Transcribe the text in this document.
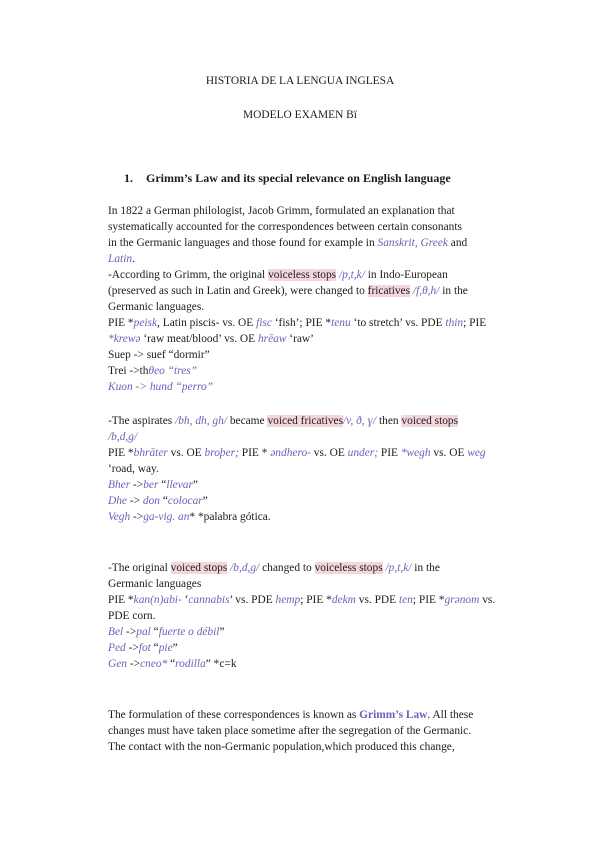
HISTORIA DE LA LENGUA INGLESA
MODELO EXAMEN Bï
1. Grimm’s Law and its special relevance on English language
In 1822 a German philologist, Jacob Grimm, formulated an explanation that
systematically accounted for the correspondences between certain consonants
in the Germanic languages and those found for example in Sanskrit, Greek and
Latin.
-According to Grimm, the original voiceless stops /p,t,k/ in Indo-European
(preserved as such in Latin and Greek), were changed to fricatives /f,θ,h/ in the
Germanic languages.
PIE *peisk, Latin piscis- vs. OE fisc ‘fish’; PIE *tenu ‘to stretch’ vs. PDE thin; PIE
*krewə ‘raw meat/blood’ vs. OE hrēaw ‘raw’
Suep -> suef “dormir”
Trei ->thθeo “tres”
Kuon -> hund “perro”
-The aspirates /bh, dh, gh/ became voiced fricatives/v, ð, ɣ/ then voiced stops
/b,d,g/
PIE *bhrāter vs. OE broþer; PIE * əndhero- vs. OE under; PIE *wegh vs. OE weg
‘road, way.
Bher ->ber “llevar”
Dhe -> don “colocar”
Vegh ->ga-vig. an* *palabra gótica.
-The original voiced stops /b,d,g/ changed to voiceless stops /p,t,k/ in the
Germanic languages
PIE *kan(n)abi- ‘cannabis’ vs. PDE hemp; PIE *dekm vs. PDE ten; PIE *grənom vs.
PDE corn.
Bel ->pal “fuerte o débil”
Ped ->fot “pie”
Gen ->cneo* “rodilla” *c=k
The formulation of these correspondences is known as Grimm’s Law. All these
changes must have taken place sometime after the segregation of the Germanic.
The contact with the non-Germanic population,which produced this change,
